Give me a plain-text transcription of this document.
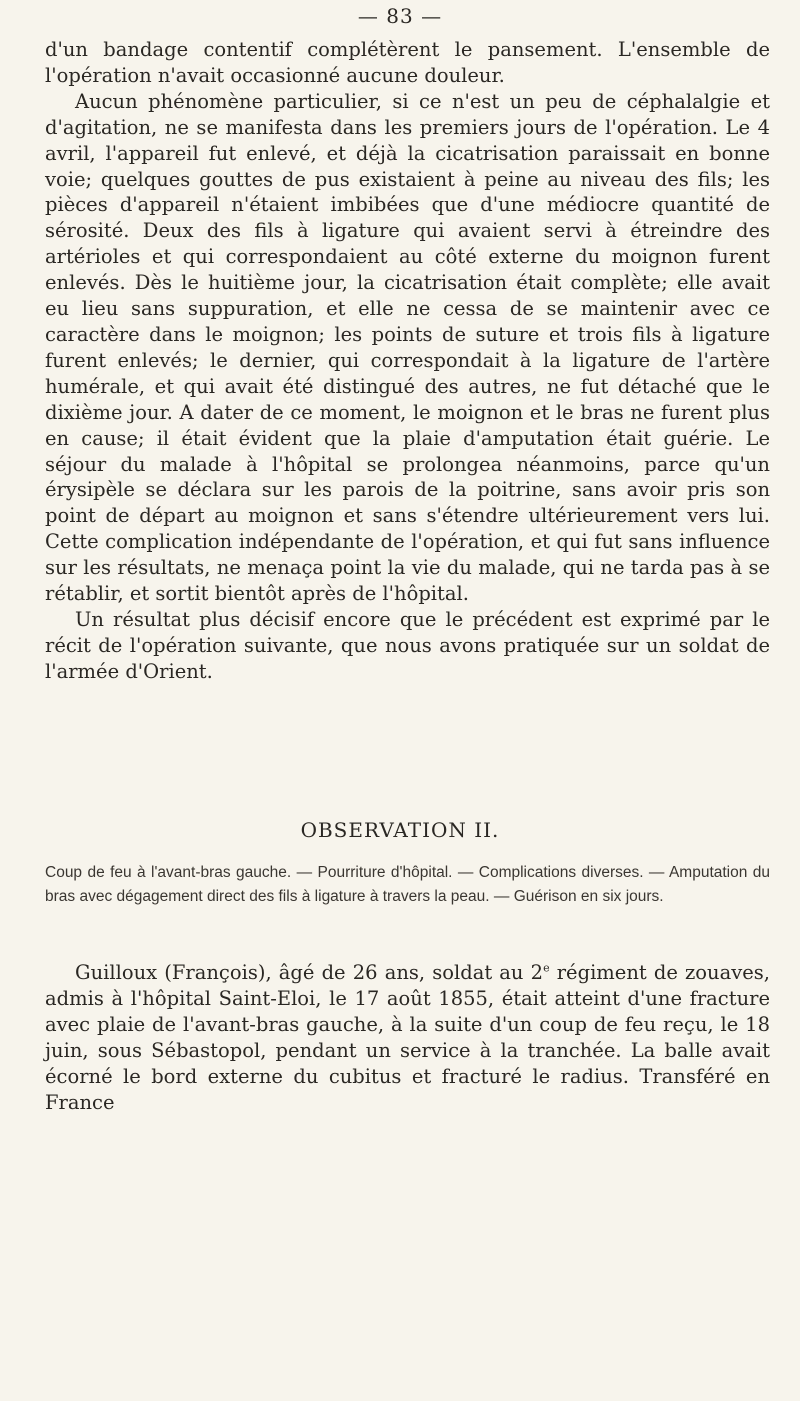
— 83 —

d'un bandage contentif complétèrent le pansement. L'ensemble de l'opération n'avait occasionné aucune douleur.

Aucun phénomène particulier, si ce n'est un peu de céphalalgie et d'agitation, ne se manifesta dans les premiers jours de l'opération. Le 4 avril, l'appareil fut enlevé, et déjà la cicatrisation paraissait en bonne voie; quelques gouttes de pus existaient à peine au niveau des fils; les pièces d'appareil n'étaient imbibées que d'une médiocre quantité de sérosité. Deux des fils à ligature qui avaient servi à étreindre des artérioles et qui correspondaient au côté externe du moignon furent enlevés. Dès le huitième jour, la cicatrisation était complète; elle avait eu lieu sans suppuration, et elle ne cessa de se maintenir avec ce caractère dans le moignon; les points de suture et trois fils à ligature furent enlevés; le dernier, qui correspondait à la ligature de l'artère humérale, et qui avait été distingué des autres, ne fut détaché que le dixième jour. A dater de ce moment, le moignon et le bras ne furent plus en cause; il était évident que la plaie d'amputation était guérie. Le séjour du malade à l'hôpital se prolongea néanmoins, parce qu'un érysipèle se déclara sur les parois de la poitrine, sans avoir pris son point de départ au moignon et sans s'étendre ultérieurement vers lui. Cette complication indépendante de l'opération, et qui fut sans influence sur les résultats, ne menaça point la vie du malade, qui ne tarda pas à se rétablir, et sortit bientôt après de l'hôpital.

Un résultat plus décisif encore que le précédent est exprimé par le récit de l'opération suivante, que nous avons pratiquée sur un soldat de l'armée d'Orient.

OBSERVATION II.

Coup de feu à l'avant-bras gauche. — Pourriture d'hôpital. — Complications diverses. — Amputation du bras avec dégagement direct des fils à ligature à travers la peau. — Guérison en six jours.

Guilloux (François), âgé de 26 ans, soldat au 2e régiment de zouaves, admis à l'hôpital Saint-Eloi, le 17 août 1855, était atteint d'une fracture avec plaie de l'avant-bras gauche, à la suite d'un coup de feu reçu, le 18 juin, sous Sébastopol, pendant un service à la tranchée. La balle avait écorné le bord externe du cubitus et fracturé le radius. Transféré en France
